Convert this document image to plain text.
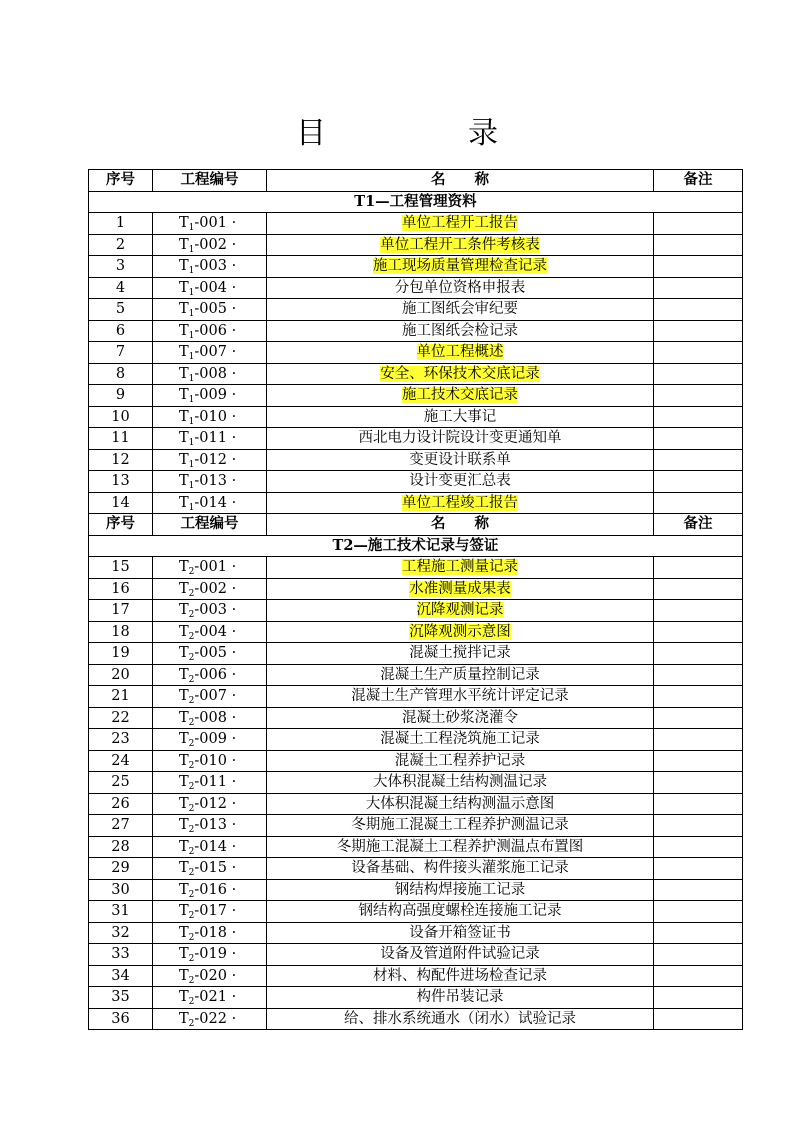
目　录
序号	工程编号	名　　称	备注
T1—工程管理资料			
1	$T_1-001$ ·	单位工程开工报告	
2	$T_1-002$ ·	单位工程开工条件考核表	
3	$T_1-003$ ·	施工现场质量管理检查记录	
4	$T_1-004$ ·	分包单位资格申报表	
5	$T_1-005$ ·	施工图纸会审纪要	
6	$T_1-006$ ·	施工图纸会检记录	
7	$T_1-007$ ·	单位工程概述	
8	$T_1-008$ ·	安全、环保技术交底记录	
9	$T_1-009$ ·	施工技术交底记录	
10	$T_1-010$ ·	施工大事记	
11	$T_1-011$ ·	西北电力设计院设计变更通知单	
12	$T_1-012$ ·	变更设计联系单	
13	$T_1-013$ ·	设计变更汇总表	
14	$T_1-014$ ·	单位工程竣工报告	
序号	工程编号	名　　称	备注
T2—施工技术记录与签证			
15	$T_2-001$ ·	工程施工测量记录	
16	$T_2-002$ ·	水准测量成果表	
17	$T_2-003$ ·	沉降观测记录	
18	$T_2-004$ ·	沉降观测示意图	
19	$T_2-005$ ·	混凝土搅拌记录	
20	$T_2-006$ ·	混凝土生产质量控制记录	
21	$T_2-007$ ·	混凝土生产管理水平统计评定记录	
22	$T_2-008$ ·	混凝土砂浆浇灌令	
23	$T_2-009$ ·	混凝土工程浇筑施工记录	
24	$T_2-010$ ·	混凝土工程养护记录	
25	$T_2-011$ ·	大体积混凝土结构测温记录	
26	$T_2-012$ ·	大体积混凝土结构测温示意图	
27	$T_2-013$ ·	冬期施工混凝土工程养护测温记录	
28	$T_2-014$ ·	冬期施工混凝土工程养护测温点布置图	
29	$T_2-015$ ·	设备基础、构件接头灌浆施工记录	
30	$T_2-016$ ·	钢结构焊接施工记录	
31	$T_2-017$ ·	钢结构高强度螺栓连接施工记录	
32	$T_2-018$ ·	设备开箱签证书	
33	$T_2-019$ ·	设备及管道附件试验记录	
34	$T_2-020$ ·	材料、构配件进场检查记录	
35	$T_2-021$ ·	构件吊装记录	
36	$T_2-022$ ·	给、排水系统通水（闭水）试验记录	
